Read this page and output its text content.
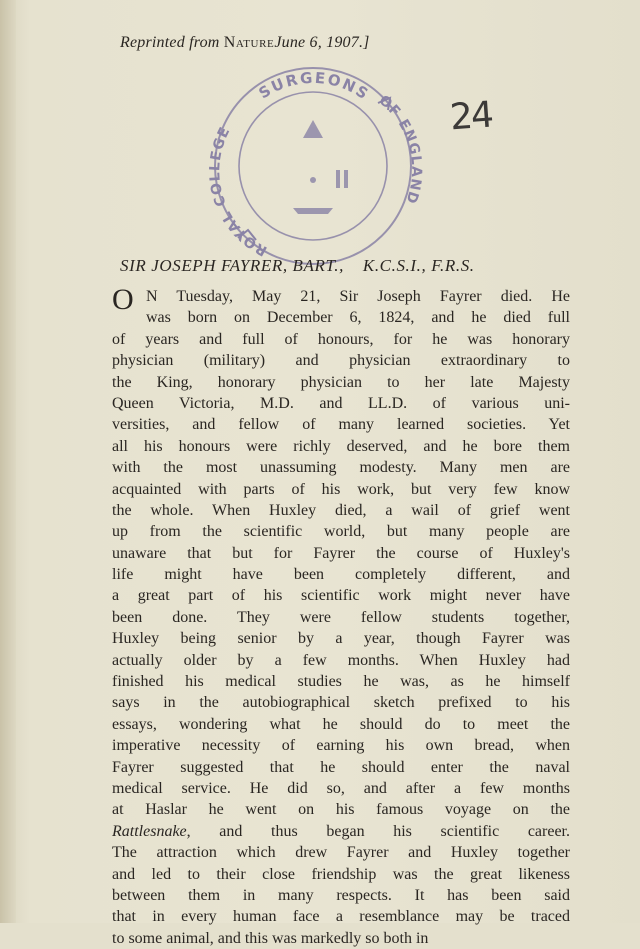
Reprinted from NatureJune 6, 1907.]
SURGEONS
ROYAL COLLEGE
OF ENGLAND
24
SIR JOSEPH FAYRER, BART., K.C.S.I., F.R.S.
O N Tuesday, May 21, Sir Joseph Fayrer died. He
was born on December 6, 1824, and he died full
of years and full of honours, for he was honorary
physician (military) and physician extraordinary to
the King, honorary physician to her late Majesty
Queen Victoria, M.D. and LL.D. of various uni-
versities, and fellow of many learned societies. Yet
all his honours were richly deserved, and he bore them
with the most unassuming modesty. Many men are
acquainted with parts of his work, but very few know
the whole. When Huxley died, a wail of grief went
up from the scientific world, but many people are
unaware that but for Fayrer the course of Huxley's
life might have been completely different, and
a great part of his scientific work might never have
been done. They were fellow students together,
Huxley being senior by a year, though Fayrer was
actually older by a few months. When Huxley had
finished his medical studies he was, as he himself
says in the autobiographical sketch prefixed to his
essays, wondering what he should do to meet the
imperative necessity of earning his own bread, when
Fayrer suggested that he should enter the naval
medical service. He did so, and after a few months
at Haslar he went on his famous voyage on the
Rattlesnake, and thus began his scientific career.
The attraction which drew Fayrer and Huxley together
and led to their close friendship was the great likeness
between them in many respects. It has been said
that in every human face a resemblance may be traced
to some animal, and this was markedly so both in
